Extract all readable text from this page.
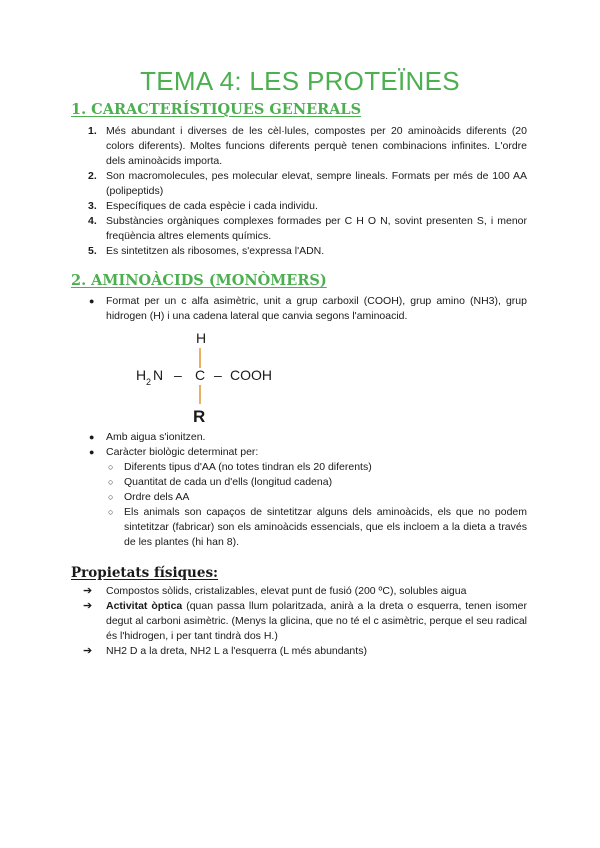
TEMA 4: LES PROTEÏNES
1. CARACTERÍSTIQUES GENERALS
1. Més abundant i diverses de les cèl·lules, compostes per 20 aminoàcids diferents (20 colors diferents). Moltes funcions diferents perquè tenen combinacions infinites. L'ordre dels aminoàcids importa.
2. Son macromolecules, pes molecular elevat, sempre lineals. Formats per més de 100 AA (polipeptids)
3. Específiques de cada espècie i cada individu.
4. Substàncies orgàniques complexes formades per C H O N, sovint presenten S, i menor freqüència altres elements químics.
5. Es sintetitzen als ribosomes, s'expressa l'ADN.
2. AMINOÀCIDS (MONÒMERS)
● Format per un c alfa asimètric, unit a grup carboxil (COOH), grup amino (NH3), grup hidrogen (H) i una cadena lateral que canvia segons l'aminoacid.
H
H 2 N – C – COOH
R
● Amb aigua s'ionitzen.
● Caràcter biològic determinat per:
○ Diferents tipus d'AA (no totes tindran els 20 diferents)
○ Quantitat de cada un d'ells (longitud cadena)
○ Ordre dels AA
○ Els animals son capaços de sintetitzar alguns dels aminoàcids, els que no podem sintetitzar (fabricar) son els aminoàcids essencials, que els incloem a la dieta a través de les plantes (hi han 8).
Propietats físiques:
➔ Compostos sòlids, cristalizables, elevat punt de fusió (200 ºC), solubles aigua
➔ Activitat òptica (quan passa llum polaritzada, anirà a la dreta o esquerra, tenen isomer degut al carboni asimètric. (Menys la glicina, que no té el c asimètric, perque el seu radical és l'hidrogen, i per tant tindrà dos H.)
➔ NH2 D a la dreta, NH2 L a l'esquerra (L més abundants)
